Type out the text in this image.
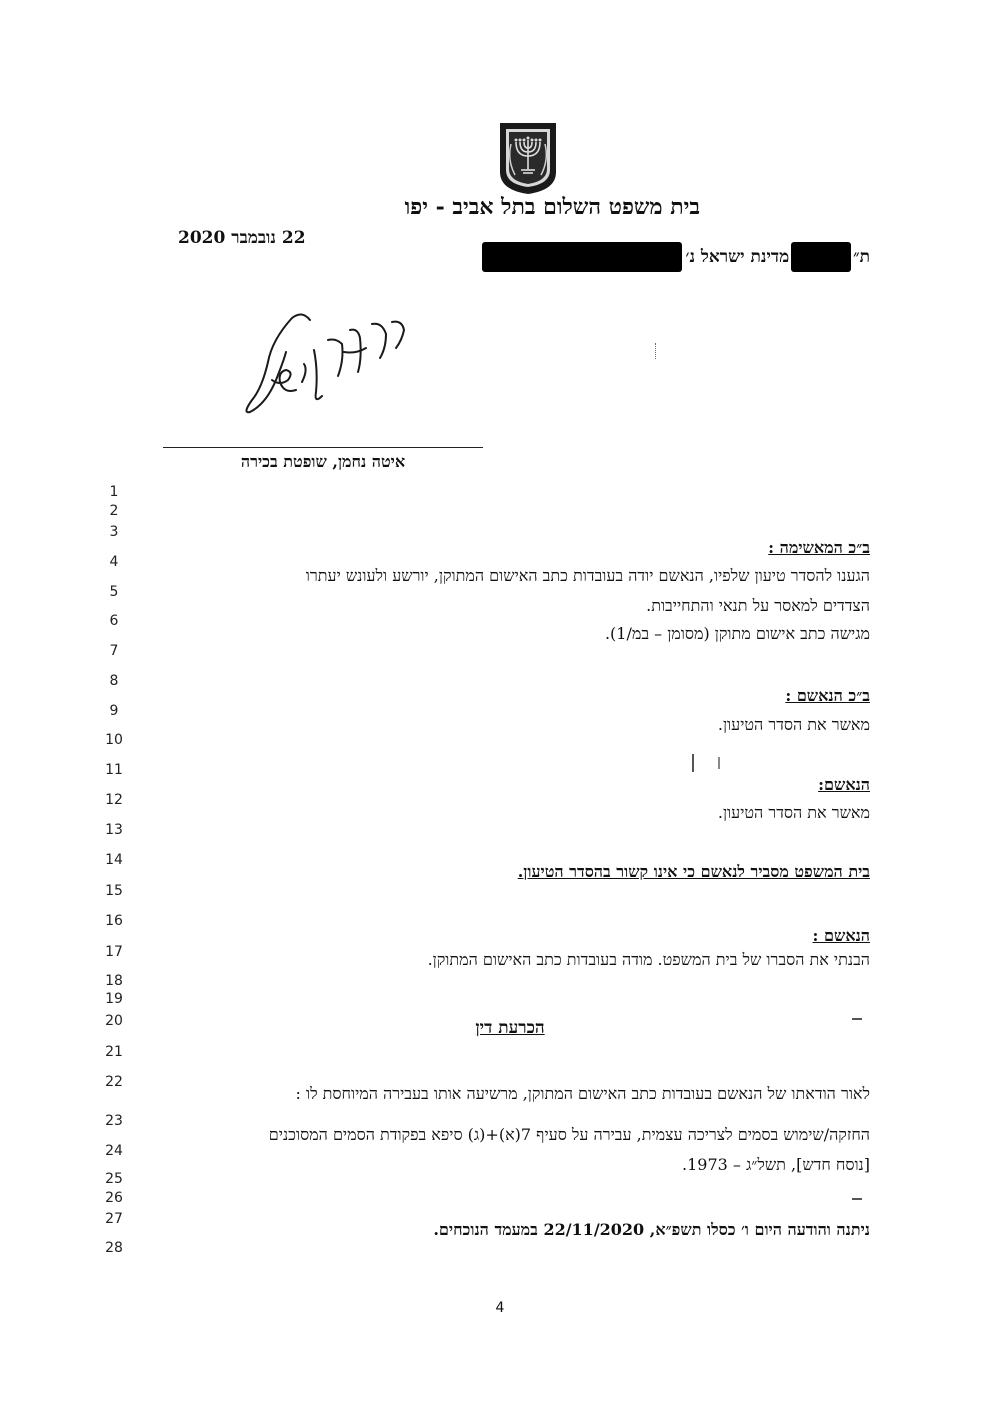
בית משפט השלום בתל אביב - יפו
22 נובמבר 2020
ת״
מדינת ישראל נ׳
איטה נחמן, שופטת בכירה
1
2
3
4
5
6
7
8
9
10
11
12
13
14
15
16
17
18
19
20
21
22
23
24
25
26
27
28
ב״כ המאשימה :
הגענו להסדר טיעון שלפיו, הנאשם יודה בעובדות כתב האישום המתוקן, יורשע ולעונש יעתרו
הצדדים למאסר על תנאי והתחייבות.
מגישה כתב אישום מתוקן (מסומן – במ/1).
ב״כ הנאשם :
מאשר את הסדר הטיעון.
הנאשם:
מאשר את הסדר הטיעון.
בית המשפט מסביר לנאשם כי אינו קשור בהסדר הטיעון.
הנאשם :
הבנתי את הסברו של בית המשפט. מודה בעובדות כתב האישום המתוקן.
הכרעת דין
לאור הודאתו של הנאשם בעובדות כתב האישום המתוקן, מרשיעה אותו בעבירה המיוחסת לו :
החזקה/שימוש בסמים לצריכה עצמית, עבירה על סעיף 7(א)+(ג) סיפא בפקודת הסמים המסוכנים
[נוסח חדש], תשל״ג – 1973.
ניתנה והודעה היום ו׳ כסלו תשפ״א, 22/11/2020 במעמד הנוכחים.
4
